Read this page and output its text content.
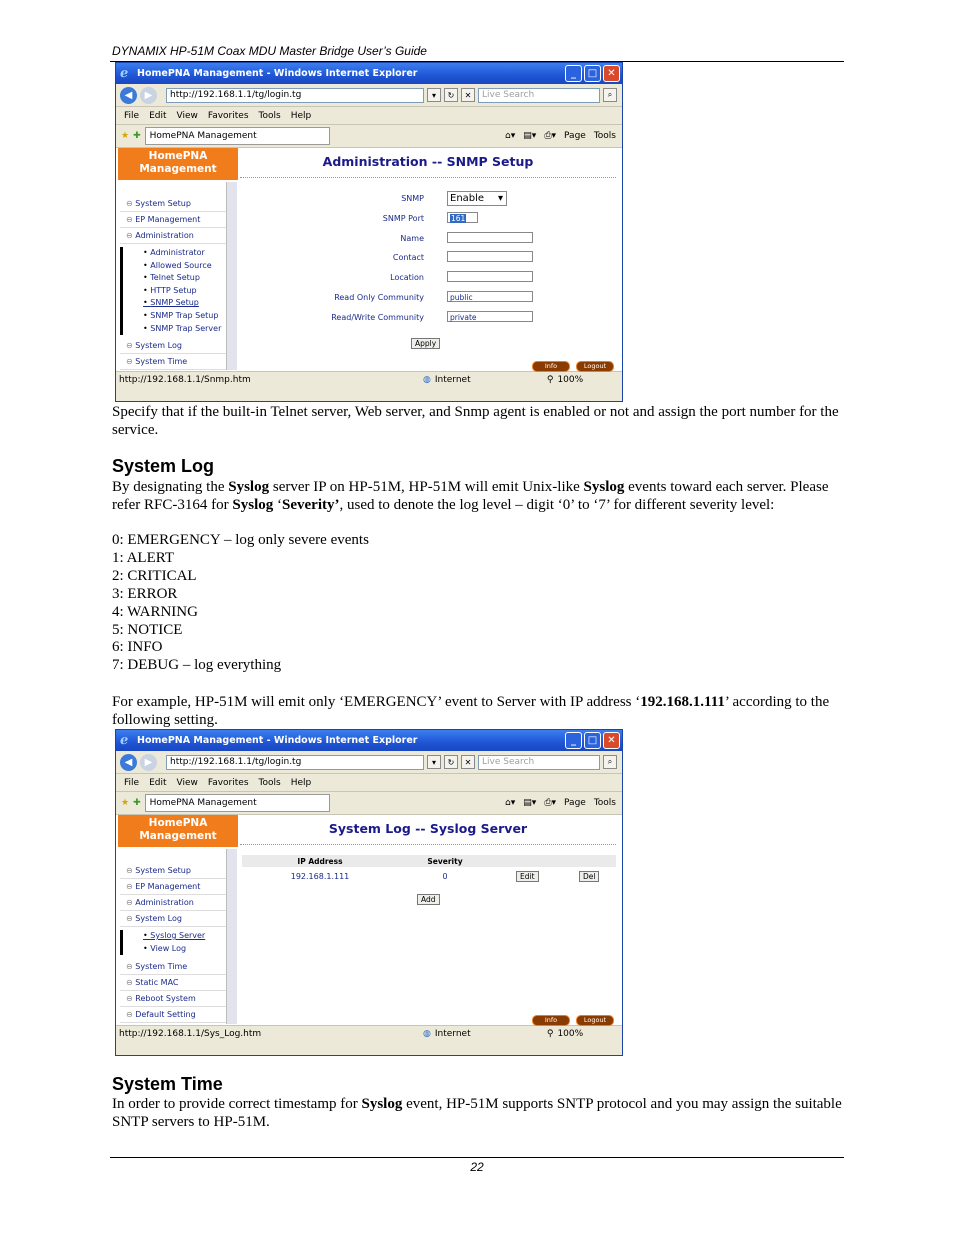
DYNAMIX HP-51M Coax MDU Master Bridge User’s Guide
ℯ HomePNA Management - Windows Internet Explorer	_	□	✕
◀	▶	http://192.168.1.1/tg/login.tg	▾	↻	✕	Live Search	⌕
File Edit View Favorites Tools Help
★ ✚	HomePNA Management	⌂▾ ▤▾ ⎙▾ Page Tools
HomePNA
Management
⊖ System Setup
⊖ EP Management
⊖ Administration
• Administrator
• Allowed Source
• Telnet Setup
• HTTP Setup
• SNMP Setup
• SNMP Trap Setup
• SNMP Trap Server
⊖ System Log
⊖ System Time
Administration -- SNMP Setup
SNMP	Enable ▾
SNMP Port	161
Name
Contact
Location
Read Only Community	public
Read/Write Community	private
Apply
Info	Logout
http://192.168.1.1/Snmp.htm	◍ Internet	⚲ 100%

Specify that if the built-in Telnet server, Web server, and Snmp agent is enabled or not and assign the port number for the service.

System Log

By designating the Syslog server IP on HP-51M, HP-51M will emit Unix-like Syslog events toward each server. Please refer RFC-3164 for Syslog ‘Severity’, used to denote the log level – digit ‘0’ to ‘7’ for different severity level:

0: EMERGENCY – log only severe events
1: ALERT
2: CRITICAL
3: ERROR
4: WARNING
5: NOTICE
6: INFO
7: DEBUG – log everything

For example, HP-51M will emit only ‘EMERGENCY’ event to Server with IP address ‘192.168.1.111’ according to the following setting.

ℯ HomePNA Management - Windows Internet Explorer	_	□	✕
◀	▶	http://192.168.1.1/tg/login.tg	▾	↻	✕	Live Search	⌕
File Edit View Favorites Tools Help
★ ✚	HomePNA Management	⌂▾ ▤▾ ⎙▾ Page Tools
HomePNA
Management
⊖ System Setup
⊖ EP Management
⊖ Administration
⊖ System Log
• Syslog Server
• View Log
⊖ System Time
⊖ Static MAC
⊖ Reboot System
⊖ Default Setting
System Log -- Syslog Server
IP Address	Severity
192.168.1.111	0	Edit	Del
Add
Info	Logout
http://192.168.1.1/Sys_Log.htm	◍ Internet	⚲ 100%
System Time

In order to provide correct timestamp for Syslog event, HP-51M supports SNTP protocol and you may assign the suitable SNTP servers to HP-51M.

22
